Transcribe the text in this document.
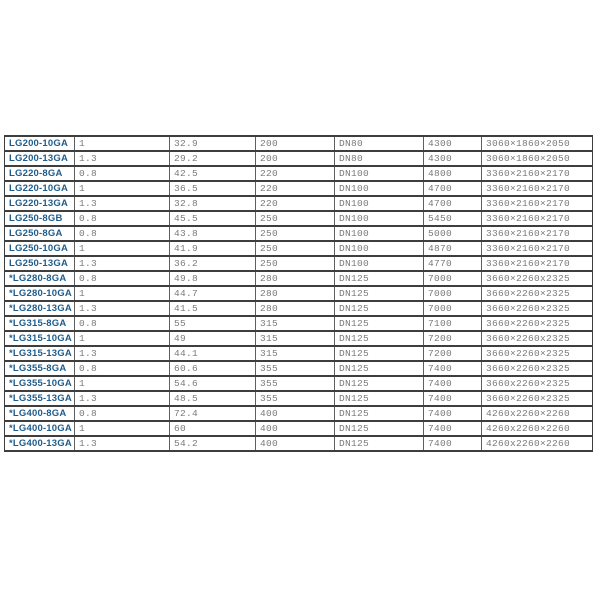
LG200-10GA	1	32.9	200	DN80	4300	3060×1860×2050
LG200-13GA	1.3	29.2	200	DN80	4300	3060×1860×2050
LG220-8GA	0.8	42.5	220	DN100	4800	3360×2160×2170
LG220-10GA	1	36.5	220	DN100	4700	3360×2160×2170
LG220-13GA	1.3	32.8	220	DN100	4700	3360×2160×2170
LG250-8GB	0.8	45.5	250	DN100	5450	3360×2160×2170
LG250-8GA	0.8	43.8	250	DN100	5000	3360×2160×2170
LG250-10GA	1	41.9	250	DN100	4870	3360×2160×2170
LG250-13GA	1.3	36.2	250	DN100	4770	3360×2160×2170
*LG280-8GA	0.8	49.8	280	DN125	7000	3660×2260x2325
*LG280-10GA	1	44.7	280	DN125	7000	3660×2260×2325
*LG280-13GA	1.3	41.5	280	DN125	7000	3660×2260×2325
*LG315-8GA	0.8	55	315	DN125	7100	3660×2260×2325
*LG315-10GA	1	49	315	DN125	7200	3660×2260x2325
*LG315-13GA	1.3	44.1	315	DN125	7200	3660×2260×2325
*LG355-8GA	0.8	60.6	355	DN125	7400	3660×2260×2325
*LG355-10GA	1	54.6	355	DN125	7400	3660x2260×2325
*LG355-13GA	1.3	48.5	355	DN125	7400	3660×2260×2325
*LG400-8GA	0.8	72.4	400	DN125	7400	4260x2260×2260
*LG400-10GA	1	60	400	DN125	7400	4260x2260×2260
*LG400-13GA	1.3	54.2	400	DN125	7400	4260x2260×2260
